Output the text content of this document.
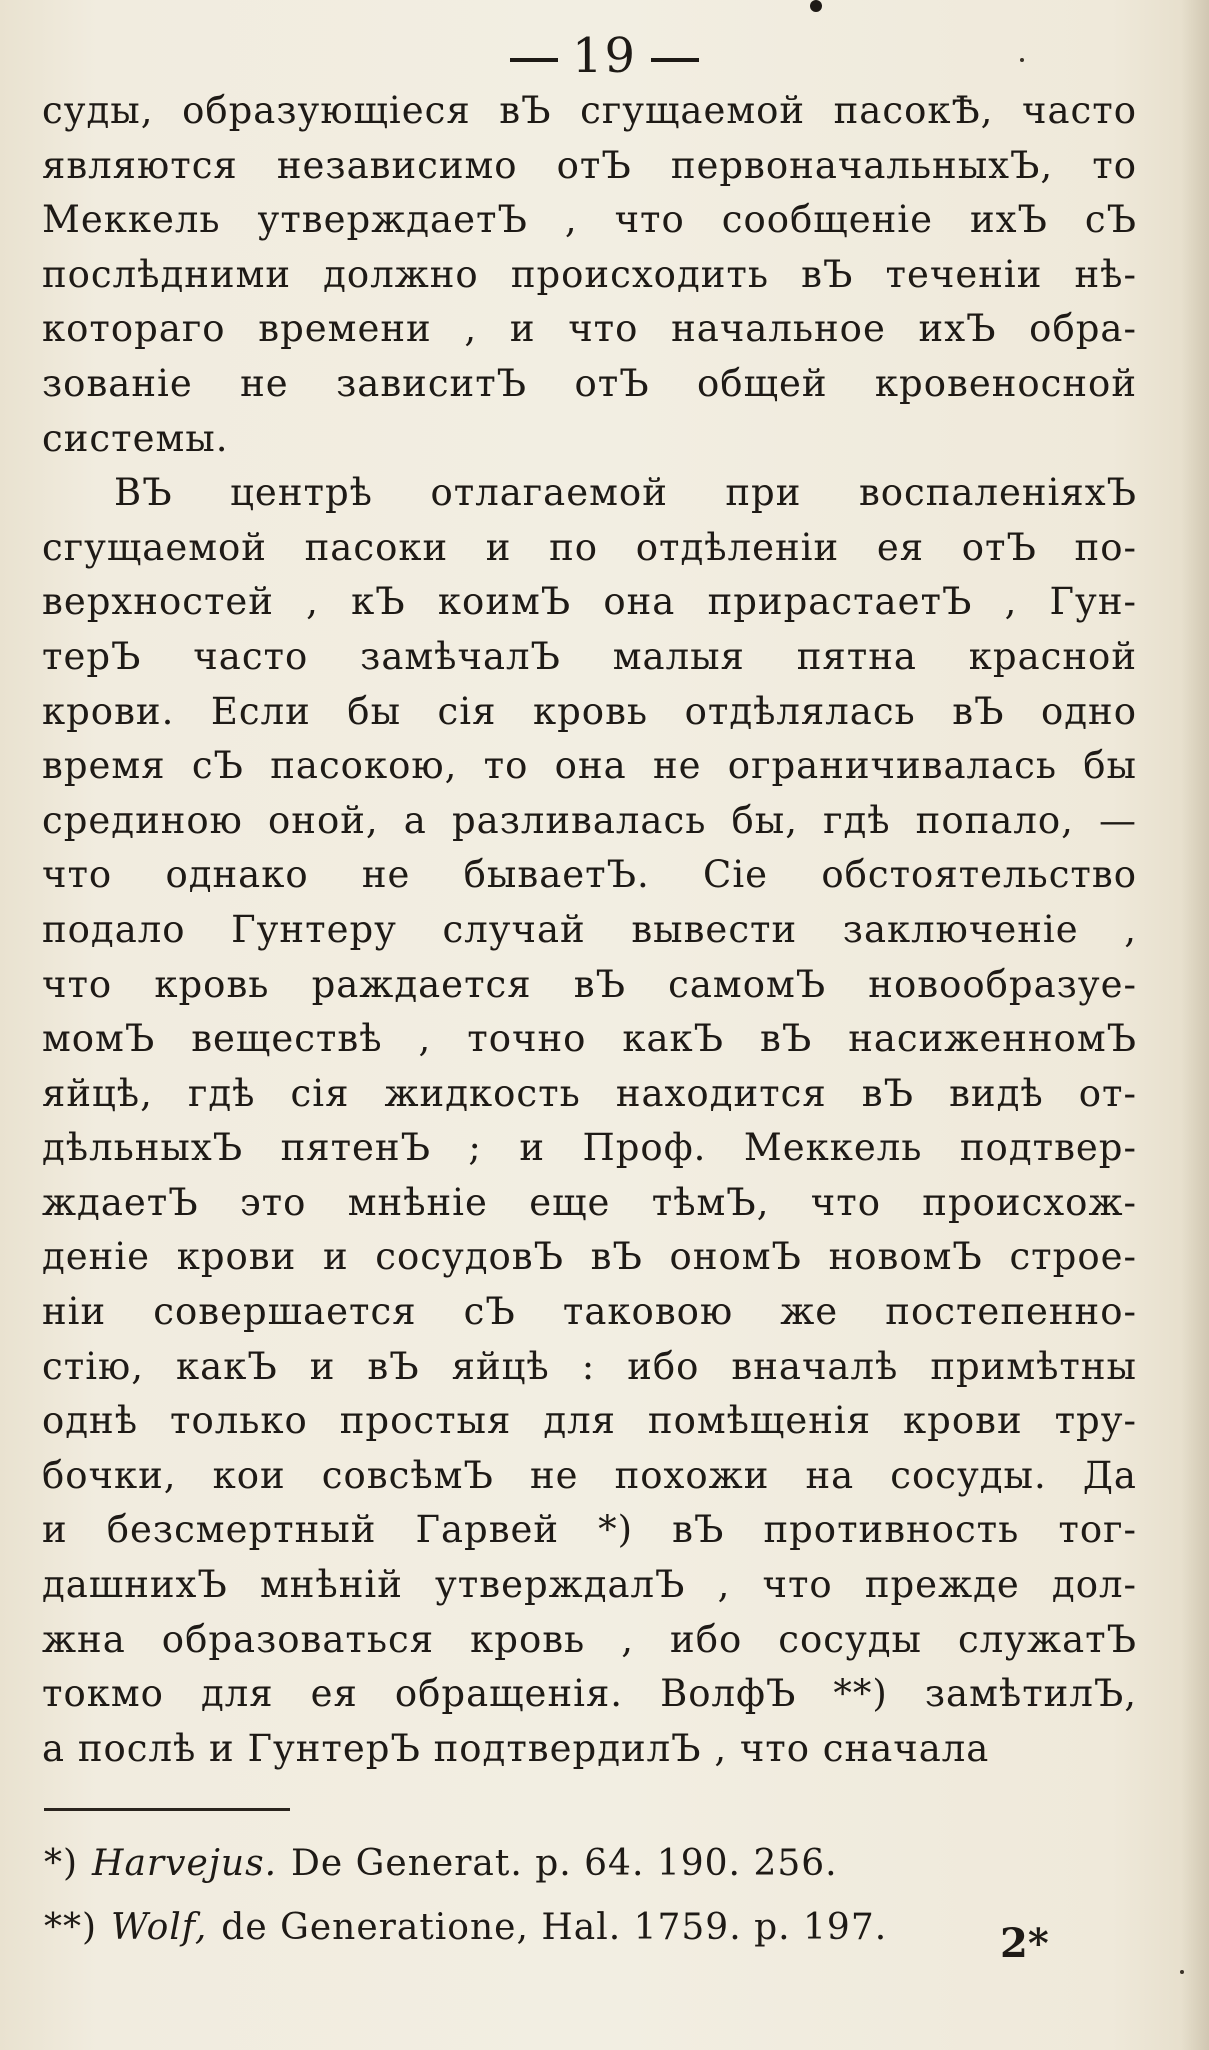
19
суды, образующіеся вЪ сгущаемой пасокѢ, часто
являются независимо отЪ первоначальныхЪ, то
Меккель утверждаетЪ , что сообщеніе ихЪ сЪ
послѣдними должно происходить вЪ теченіи нѣ-
котораго времени , и что начальное ихЪ обра-
зованіе не зависитЪ отЪ общей кровеносной
системы.
ВЪ центрѣ отлагаемой при воспаленіяхЪ
сгущаемой пасоки и по отдѣленіи ея отЪ по-
верхностей , кЪ коимЪ она прирастаетЪ , Гун-
терЪ часто замѣчалЪ малыя пятна красной
крови. Если бы сія кровь отдѣлялась вЪ одно
время сЪ пасокою, то она не ограничивалась бы
срединою оной, а разливалась бы, гдѣ попало, —
что однако не бываетЪ. Сіе обстоятельство
подало Гунтеру случай вывести заключеніе ,
что кровь раждается вЪ самомЪ новообразуе-
момЪ веществѣ , точно какЪ вЪ насиженномЪ
яйцѣ, гдѣ сія жидкость находится вЪ видѣ от-
дѣльныхЪ пятенЪ ; и Проф. Меккель подтвер-
ждаетЪ это мнѣніе еще тѣмЪ, что происхож-
деніе крови и сосудовЪ вЪ ономЪ новомЪ строе-
ніи совершается сЪ таковою же постепенно-
стію, какЪ и вЪ яйцѣ : ибо вначалѣ примѣтны
однѣ только простыя для помѣщенія крови тру-
бочки, кои совсѣмЪ не похожи на сосуды. Да
и безсмертный Гарвей *) вЪ противность тог-
дашнихЪ мнѣній утверждалЪ , что прежде дол-
жна образоваться кровь , ибо сосуды служатЪ
токмо для ея обращенія. ВолфЪ **) замѣтилЪ,
а послѣ и ГунтерЪ подтвердилЪ , что сначала
*) Harvejus. De Generat. p. 64. 190. 256.
**) Wolf, de Generatione, Hal. 1759. p. 197.	2*
